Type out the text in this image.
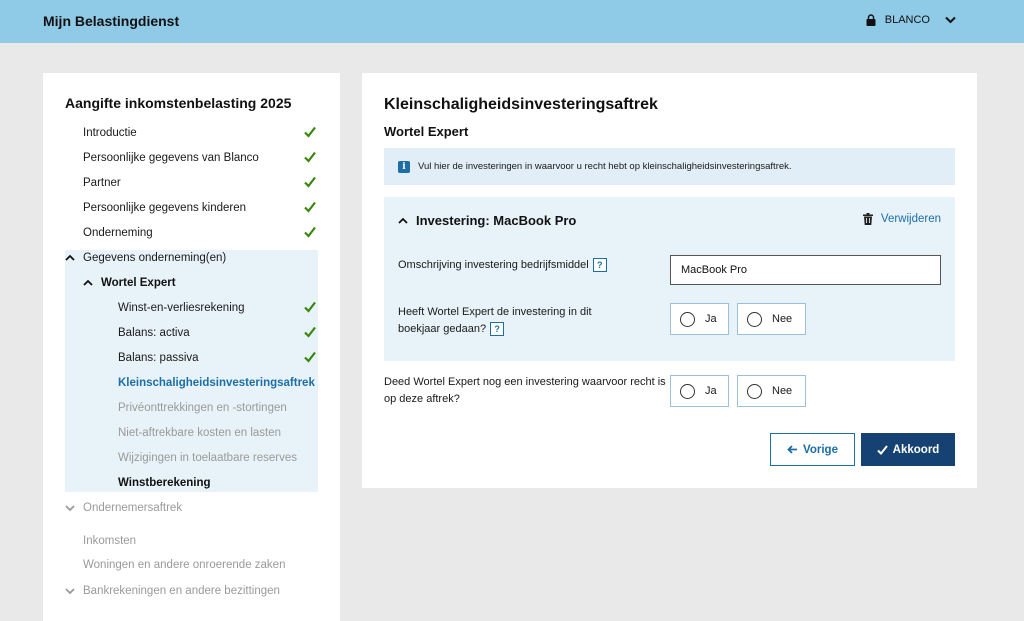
Mijn Belastingdienst	BLANCO
Aangifte inkomstenbelasting 2025
Introductie
Persoonlijke gegevens van Blanco
Partner
Persoonlijke gegevens kinderen
Onderneming
Gegevens onderneming(en)
Wortel Expert
Winst-en-verliesrekening
Balans: activa
Balans: passiva
Kleinschaligheidsinvesteringsaftrek
Privéonttrekkingen en -stortingen
Niet-aftrekbare kosten en lasten
Wijzigingen in toelaatbare reserves
Winstberekening
Ondernemersaftrek
Inkomsten
Woningen en andere onroerende zaken
Bankrekeningen en andere bezittingen
Kleinschaligheidsinvesteringsaftrek
Wortel Expert
i	Vul hier de investeringen in waarvoor u recht hebt op kleinschaligheidsinvesteringsaftrek.
Investering: MacBook Pro	Verwijderen
Omschrijving investering bedrijfsmiddel ?	MacBook Pro
Heeft Wortel Expert de investering in dit boekjaar gedaan? ?
Ja	Nee
Deed Wortel Expert nog een investering waarvoor recht is op deze aftrek?
Ja	Nee
Vorige	Akkoord
